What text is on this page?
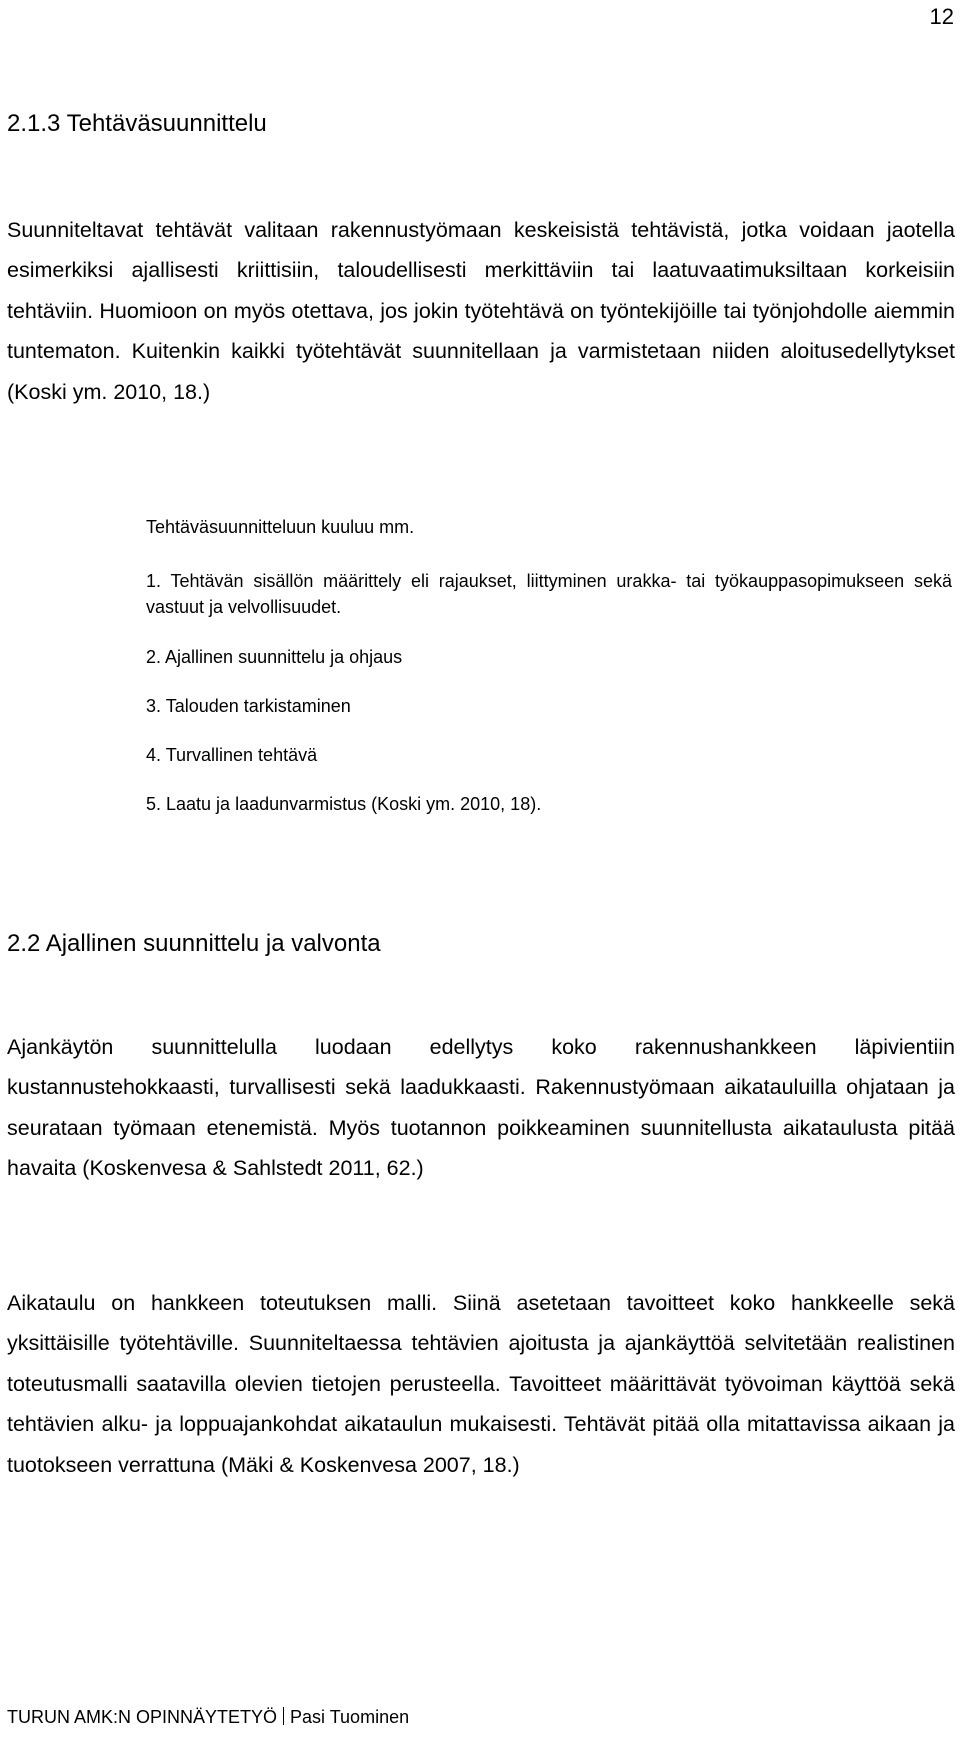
12
2.1.3 Tehtäväsuunnittelu

Suunniteltavat tehtävät valitaan rakennustyömaan keskeisistä tehtävistä, jotka voidaan jaotella esimerkiksi ajallisesti kriittisiin, taloudellisesti merkittäviin tai laatuvaatimuksiltaan korkeisiin tehtäviin. Huomioon on myös otettava, jos jokin työtehtävä on työntekijöille tai työnjohdolle aiemmin tuntematon. Kuitenkin kaikki työtehtävät suunnitellaan ja varmistetaan niiden aloitusedellytykset (Koski ym. 2010, 18.)

Tehtäväsuunnitteluun kuuluu mm.

1. Tehtävän sisällön määrittely eli rajaukset, liittyminen urakka- tai työkauppasopimukseen sekä vastuut ja velvollisuudet.
2. Ajallinen suunnittelu ja ohjaus
3. Talouden tarkistaminen
4. Turvallinen tehtävä
5. Laatu ja laadunvarmistus (Koski ym. 2010, 18).
2.2 Ajallinen suunnittelu ja valvonta

Ajankäytön suunnittelulla luodaan edellytys koko rakennushankkeen läpivientiin kustannustehokkaasti, turvallisesti sekä laadukkaasti. Rakennustyömaan aikatauluilla ohjataan ja seurataan työmaan etenemistä. Myös tuotannon poikkeaminen suunnitellusta aikataulusta pitää havaita (Koskenvesa & Sahlstedt 2011, 62.)

Aikataulu on hankkeen toteutuksen malli. Siinä asetetaan tavoitteet koko hankkeelle sekä yksittäisille työtehtäville. Suunniteltaessa tehtävien ajoitusta ja ajankäyttöä selvitetään realistinen toteutusmalli saatavilla olevien tietojen perusteella. Tavoitteet määrittävät työvoiman käyttöä sekä tehtävien alku- ja loppuajankohdat aikataulun mukaisesti. Tehtävät pitää olla mitattavissa aikaan ja tuotokseen verrattuna (Mäki & Koskenvesa 2007, 18.)

TURUN AMK:N OPINNÄYTETYÖ Pasi Tuominen
